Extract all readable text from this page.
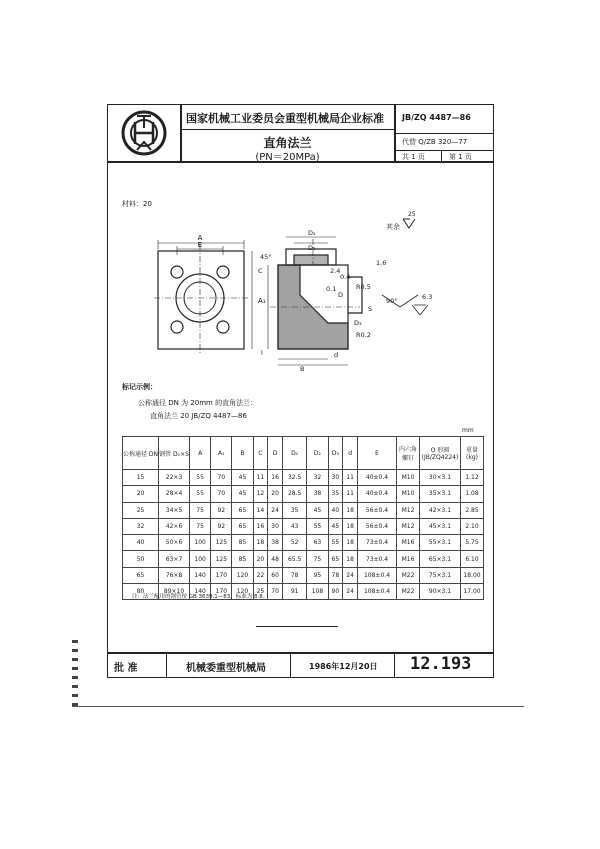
国家机械工业委员会重型机械局企业标准 JB/ZQ 4487—86
直角法兰
(PN＝20MPa)
代替 Q/ZB 320—77
共 1 页	第 1 页
材料：20
其余
25
A
E
A₁
D₂
D₁
45°
C
D
D₃
B
d
l
S
R0.5
R0.2
0.1
0.4
90°	6.3
1.6
2.4
标记示例：
公称通径 DN 为 20mm 的直角法兰：
直角法兰 20 JB/ZQ 4487—86
mm
公称通径 DN	钢管 D₀×S	A	A₁	B	C	D	D₁	D₂	D₃	d	E	内六角螺钉	O 形圈 (JB/ZQ4224)	重量 (kg)
15	22×3	55	70	45	11	16	32.5	32	30	11	40±0.4	M10	30×3.1	1.12
20	28×4	55	70	45	12	20	28.5	38	35	11	40±0.4	M10	35×3.1	1.08
25	34×5	75	92	65	14	24	35	45	40	18	56±0.4	M12	42×3.1	2.85
32	42×6	75	92	65	16	30	43	55	45	18	56±0.4	M12	45×3.1	2.10
40	50×6	100	125	85	18	38	52	63	55	18	73±0.4	M16	55×3.1	5.75
50	63×7	100	125	85	20	48	65.5	75	65	18	73±0.4	M16	65×3.1	6.10
65	76×8	140	170	120	22	60	78	95	78	24	108±0.4	M22	75×3.1	18.00
80	89×10	140	170	120	25	70	91	108	90	24	108±0.4	M22	90×3.1	17.00
注：法兰配用的钢管按 GB 3639.1—83，标准为 8.8。
批 准	机械委重型机械局	1986年12月20日 12.193
